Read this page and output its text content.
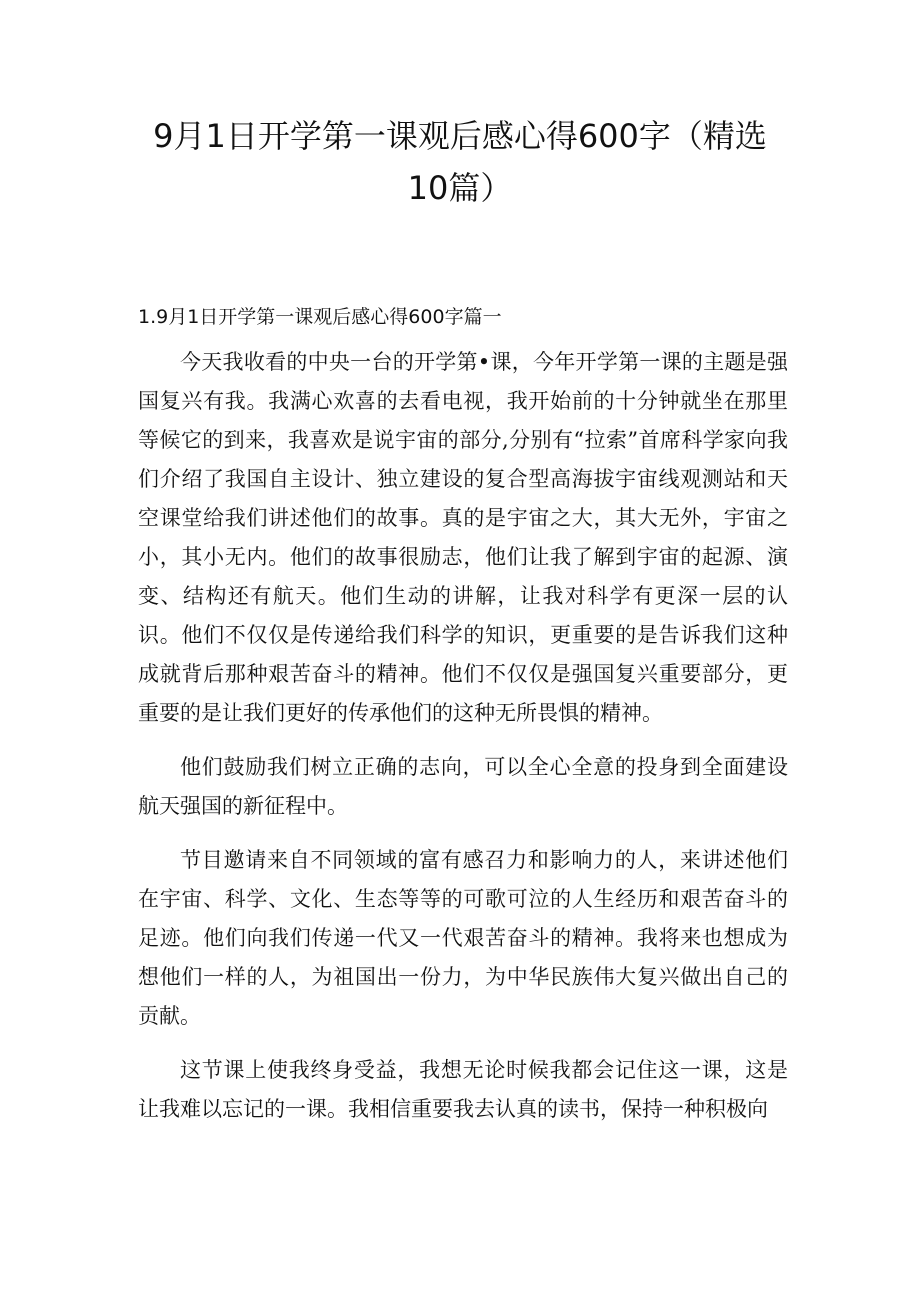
9月1日开学第一课观后感心得600字（精选10篇）

1.9月1日开学第一课观后感心得600字篇一

今天我收看的中央一台的开学第•课，今年开学第一课的主题是强国复兴有我。我满心欢喜的去看电视，我开始前的十分钟就坐在那里等候它的到来，我喜欢是说宇宙的部分,分别有“拉索”首席科学家向我们介绍了我国自主设计、独立建设的复合型高海拔宇宙线观测站和天空课堂给我们讲述他们的故事。真的是宇宙之大，其大无外，宇宙之小，其小无内。他们的故事很励志，他们让我了解到宇宙的起源、演变、结构还有航天。他们生动的讲解，让我对科学有更深一层的认识。他们不仅仅是传递给我们科学的知识，更重要的是告诉我们这种成就背后那种艰苦奋斗的精神。他们不仅仅是强国复兴重要部分，更重要的是让我们更好的传承他们的这种无所畏惧的精神。

他们鼓励我们树立正确的志向，可以全心全意的投身到全面建设航天强国的新征程中。

节目邀请来自不同领域的富有感召力和影响力的人，来讲述他们在宇宙、科学、文化、生态等等的可歌可泣的人生经历和艰苦奋斗的足迹。他们向我们传递一代又一代艰苦奋斗的精神。我将来也想成为想他们一样的人，为祖国出一份力，为中华民族伟大复兴做出自己的贡献。

这节课上使我终身受益，我想无论时候我都会记住这一课，这是让我难以忘记的一课。我相信重要我去认真的读书，保持一种积极向
